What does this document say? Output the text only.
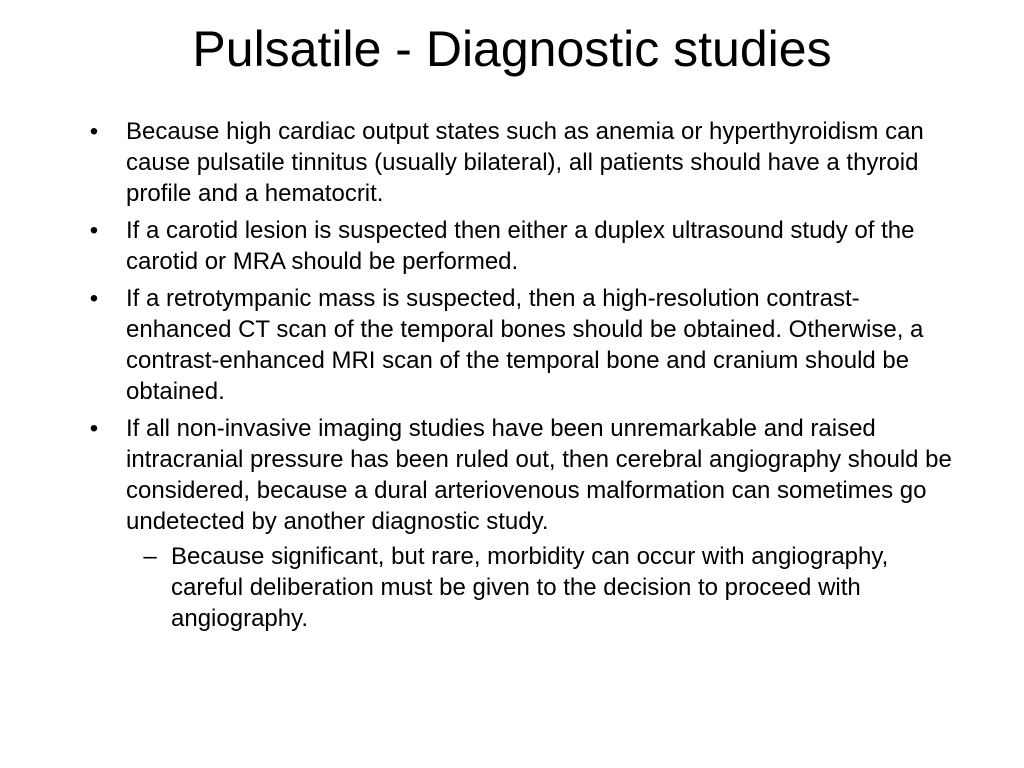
Pulsatile - Diagnostic studies
• Because high cardiac output states such as anemia or hyperthyroidism can cause pulsatile tinnitus (usually bilateral), all patients should have a thyroid profile and a hematocrit.
• If a carotid lesion is suspected then either a duplex ultrasound study of the carotid or MRA should be performed.
• If a retrotympanic mass is suspected, then a high-resolution contrast-enhanced CT scan of the temporal bones should be obtained. Otherwise, a contrast-enhanced MRI scan of the temporal bone and cranium should be obtained.
• If all non-invasive imaging studies have been unremarkable and raised intracranial pressure has been ruled out, then cerebral angiography should be considered, because a dural arteriovenous malformation can sometimes go undetected by another diagnostic study.
– Because significant, but rare, morbidity can occur with angiography, careful deliberation must be given to the decision to proceed with angiography.
